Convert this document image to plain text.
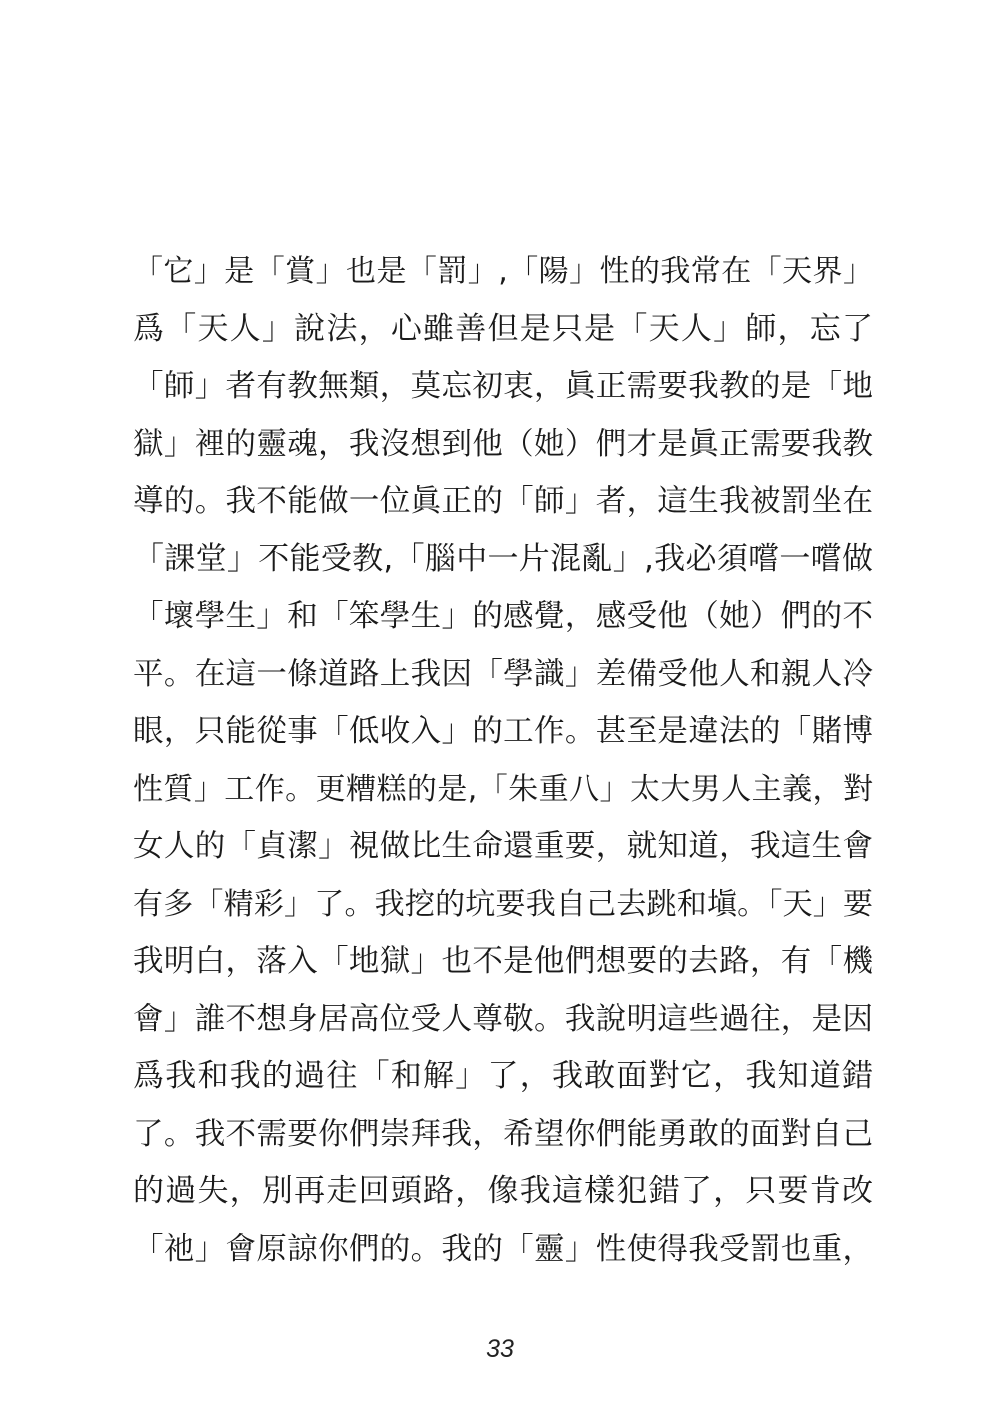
「它」是「賞」也是「罰」,「陽」性的我常在「天界」
爲「天人」說法，心雖善但是只是「天人」師，忘了
「師」者有教無類，莫忘初衷，眞正需要我教的是「地
獄」裡的靈魂，我沒想到他（她）們才是眞正需要我教
導的。我不能做一位眞正的「師」者，這生我被罰坐在
「課堂」不能受教,「腦中一片混亂」,我必須嚐一嚐做
「壞學生」和「笨學生」的感覺，感受他（她）們的不
平。在這一條道路上我因「學識」差備受他人和親人冷
眼，只能從事「低收入」的工作。甚至是違法的「賭博
性質」工作。更糟糕的是,「朱重八」太大男人主義，對
女人的「貞潔」視做比生命還重要，就知道，我這生會
有多「精彩」了。我挖的坑要我自己去跳和塡。「天」要
我明白，落入「地獄」也不是他們想要的去路，有「機
會」誰不想身居高位受人尊敬。我說明這些過往，是因
爲我和我的過往「和解」了，我敢面對它，我知道錯
了。我不需要你們崇拜我，希望你們能勇敢的面對自己
的過失，別再走回頭路，像我這樣犯錯了，只要肯改
「祂」會原諒你們的。我的「靈」性使得我受罰也重，
33
